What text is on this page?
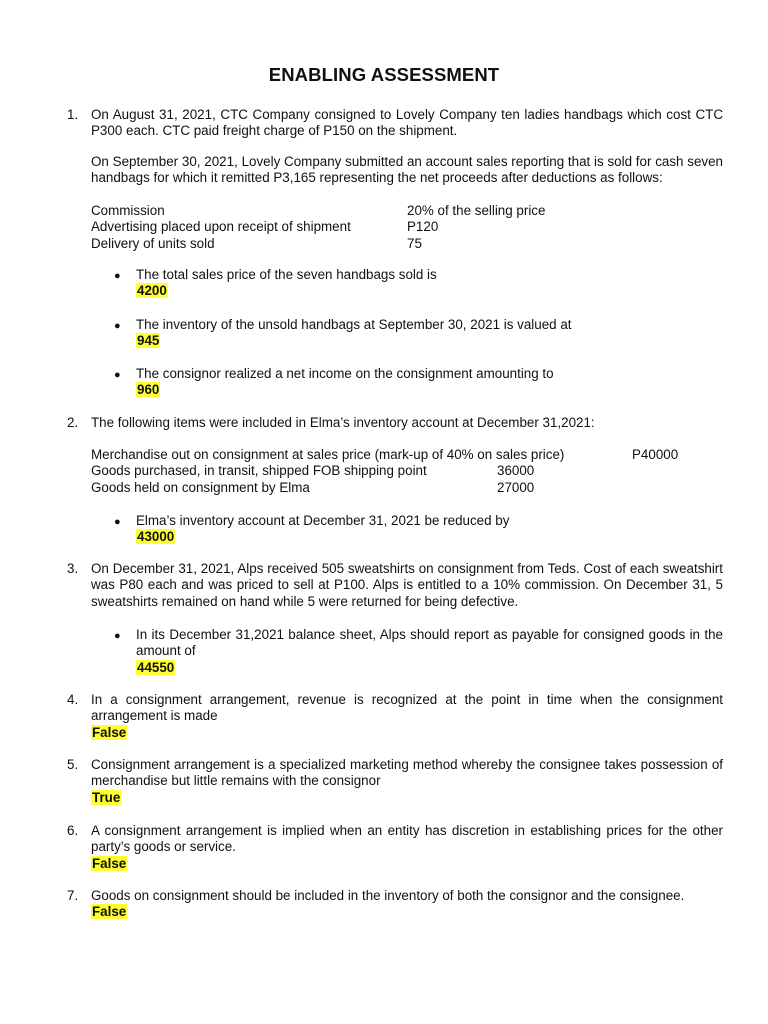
ENABLING ASSESSMENT
1. On August 31, 2021, CTC Company consigned to Lovely Company ten ladies handbags which cost CTC P300 each. CTC paid freight charge of P150 on the shipment.
On September 30, 2021, Lovely Company submitted an account sales reporting that is sold for cash seven handbags for which it remitted P3,165 representing the net proceeds after deductions as follows:
Commission	20% of the selling price
Advertising placed upon receipt of shipment	P120
Delivery of units sold	75
●	The total sales price of the seven handbags sold is
4200
●	The inventory of the unsold handbags at September 30, 2021 is valued at
945
●	The consignor realized a net income on the consignment amounting to
960
2. The following items were included in Elma’s inventory account at December 31,2021:
Merchandise out on consignment at sales price (mark-up of 40% on sales price)	P40000
Goods purchased, in transit, shipped FOB shipping point	36000
Goods held on consignment by Elma	27000
●	Elma’s inventory account at December 31, 2021 be reduced by
43000
3. On December 31, 2021, Alps received 505 sweatshirts on consignment from Teds. Cost of each sweatshirt was P80 each and was priced to sell at P100. Alps is entitled to a 10% commission. On December 31, 5 sweatshirts remained on hand while 5 were returned for being defective.
●	In its December 31,2021 balance sheet, Alps should report as payable for consigned goods in the amount of
44550
4. In a consignment arrangement, revenue is recognized at the point in time when the consignment arrangement is made
False
5. Consignment arrangement is a specialized marketing method whereby the consignee takes possession of merchandise but little remains with the consignor
True
6. A consignment arrangement is implied when an entity has discretion in establishing prices for the other party’s goods or service.
False
7. Goods on consignment should be included in the inventory of both the consignor and the consignee.
False
